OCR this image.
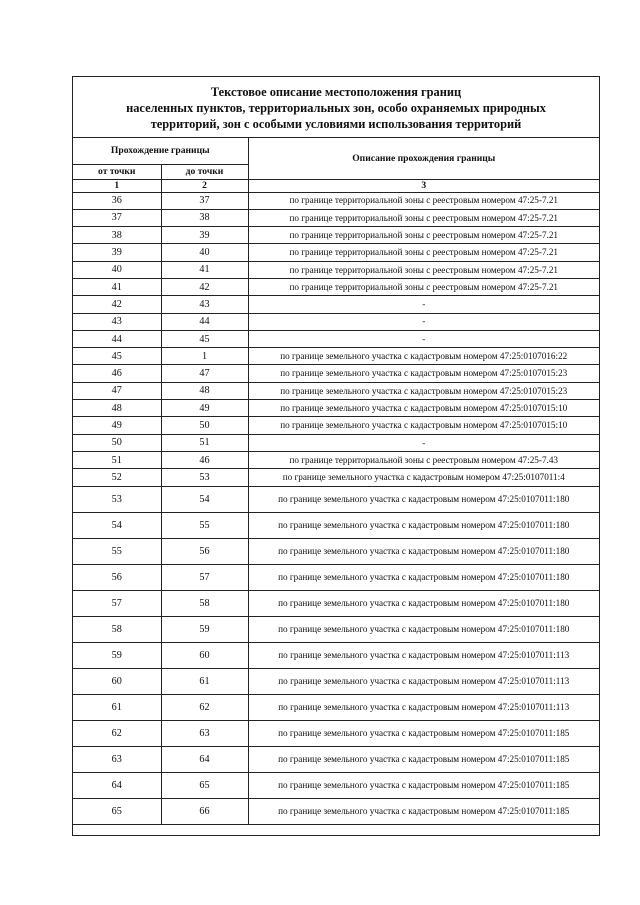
Текстовое описание местоположения границ
населенных пунктов, территориальных зон, особо охраняемых природных
территорий, зон с особыми условиями использования территорий
Прохождение границы		Описание прохождения границы
от точки	до точки	
1	2	3
36	37	по границе территориальной зоны с реестровым номером 47:25-7.21
37	38	по границе территориальной зоны с реестровым номером 47:25-7.21
38	39	по границе территориальной зоны с реестровым номером 47:25-7.21
39	40	по границе территориальной зоны с реестровым номером 47:25-7.21
40	41	по границе территориальной зоны с реестровым номером 47:25-7.21
41	42	по границе территориальной зоны с реестровым номером 47:25-7.21
42	43	-
43	44	-
44	45	-
45	1	по границе земельного участка с кадастровым номером 47:25:0107016:22
46	47	по границе земельного участка с кадастровым номером 47:25:0107015:23
47	48	по границе земельного участка с кадастровым номером 47:25:0107015:23
48	49	по границе земельного участка с кадастровым номером 47:25:0107015:10
49	50	по границе земельного участка с кадастровым номером 47:25:0107015:10
50	51	-
51	46	по границе территориальной зоны с реестровым номером 47:25-7.43
52	53	по границе земельного участка с кадастровым номером 47:25:0107011:4
53	54	по границе земельного участка с кадастровым номером 47:25:0107011:180
54	55	по границе земельного участка с кадастровым номером 47:25:0107011:180
55	56	по границе земельного участка с кадастровым номером 47:25:0107011:180
56	57	по границе земельного участка с кадастровым номером 47:25:0107011:180
57	58	по границе земельного участка с кадастровым номером 47:25:0107011:180
58	59	по границе земельного участка с кадастровым номером 47:25:0107011:180
59	60	по границе земельного участка с кадастровым номером 47:25:0107011:113
60	61	по границе земельного участка с кадастровым номером 47:25:0107011:113
61	62	по границе земельного участка с кадастровым номером 47:25:0107011:113
62	63	по границе земельного участка с кадастровым номером 47:25:0107011:185
63	64	по границе земельного участка с кадастровым номером 47:25:0107011:185
64	65	по границе земельного участка с кадастровым номером 47:25:0107011:185
65	66	по границе земельного участка с кадастровым номером 47:25:0107011:185
